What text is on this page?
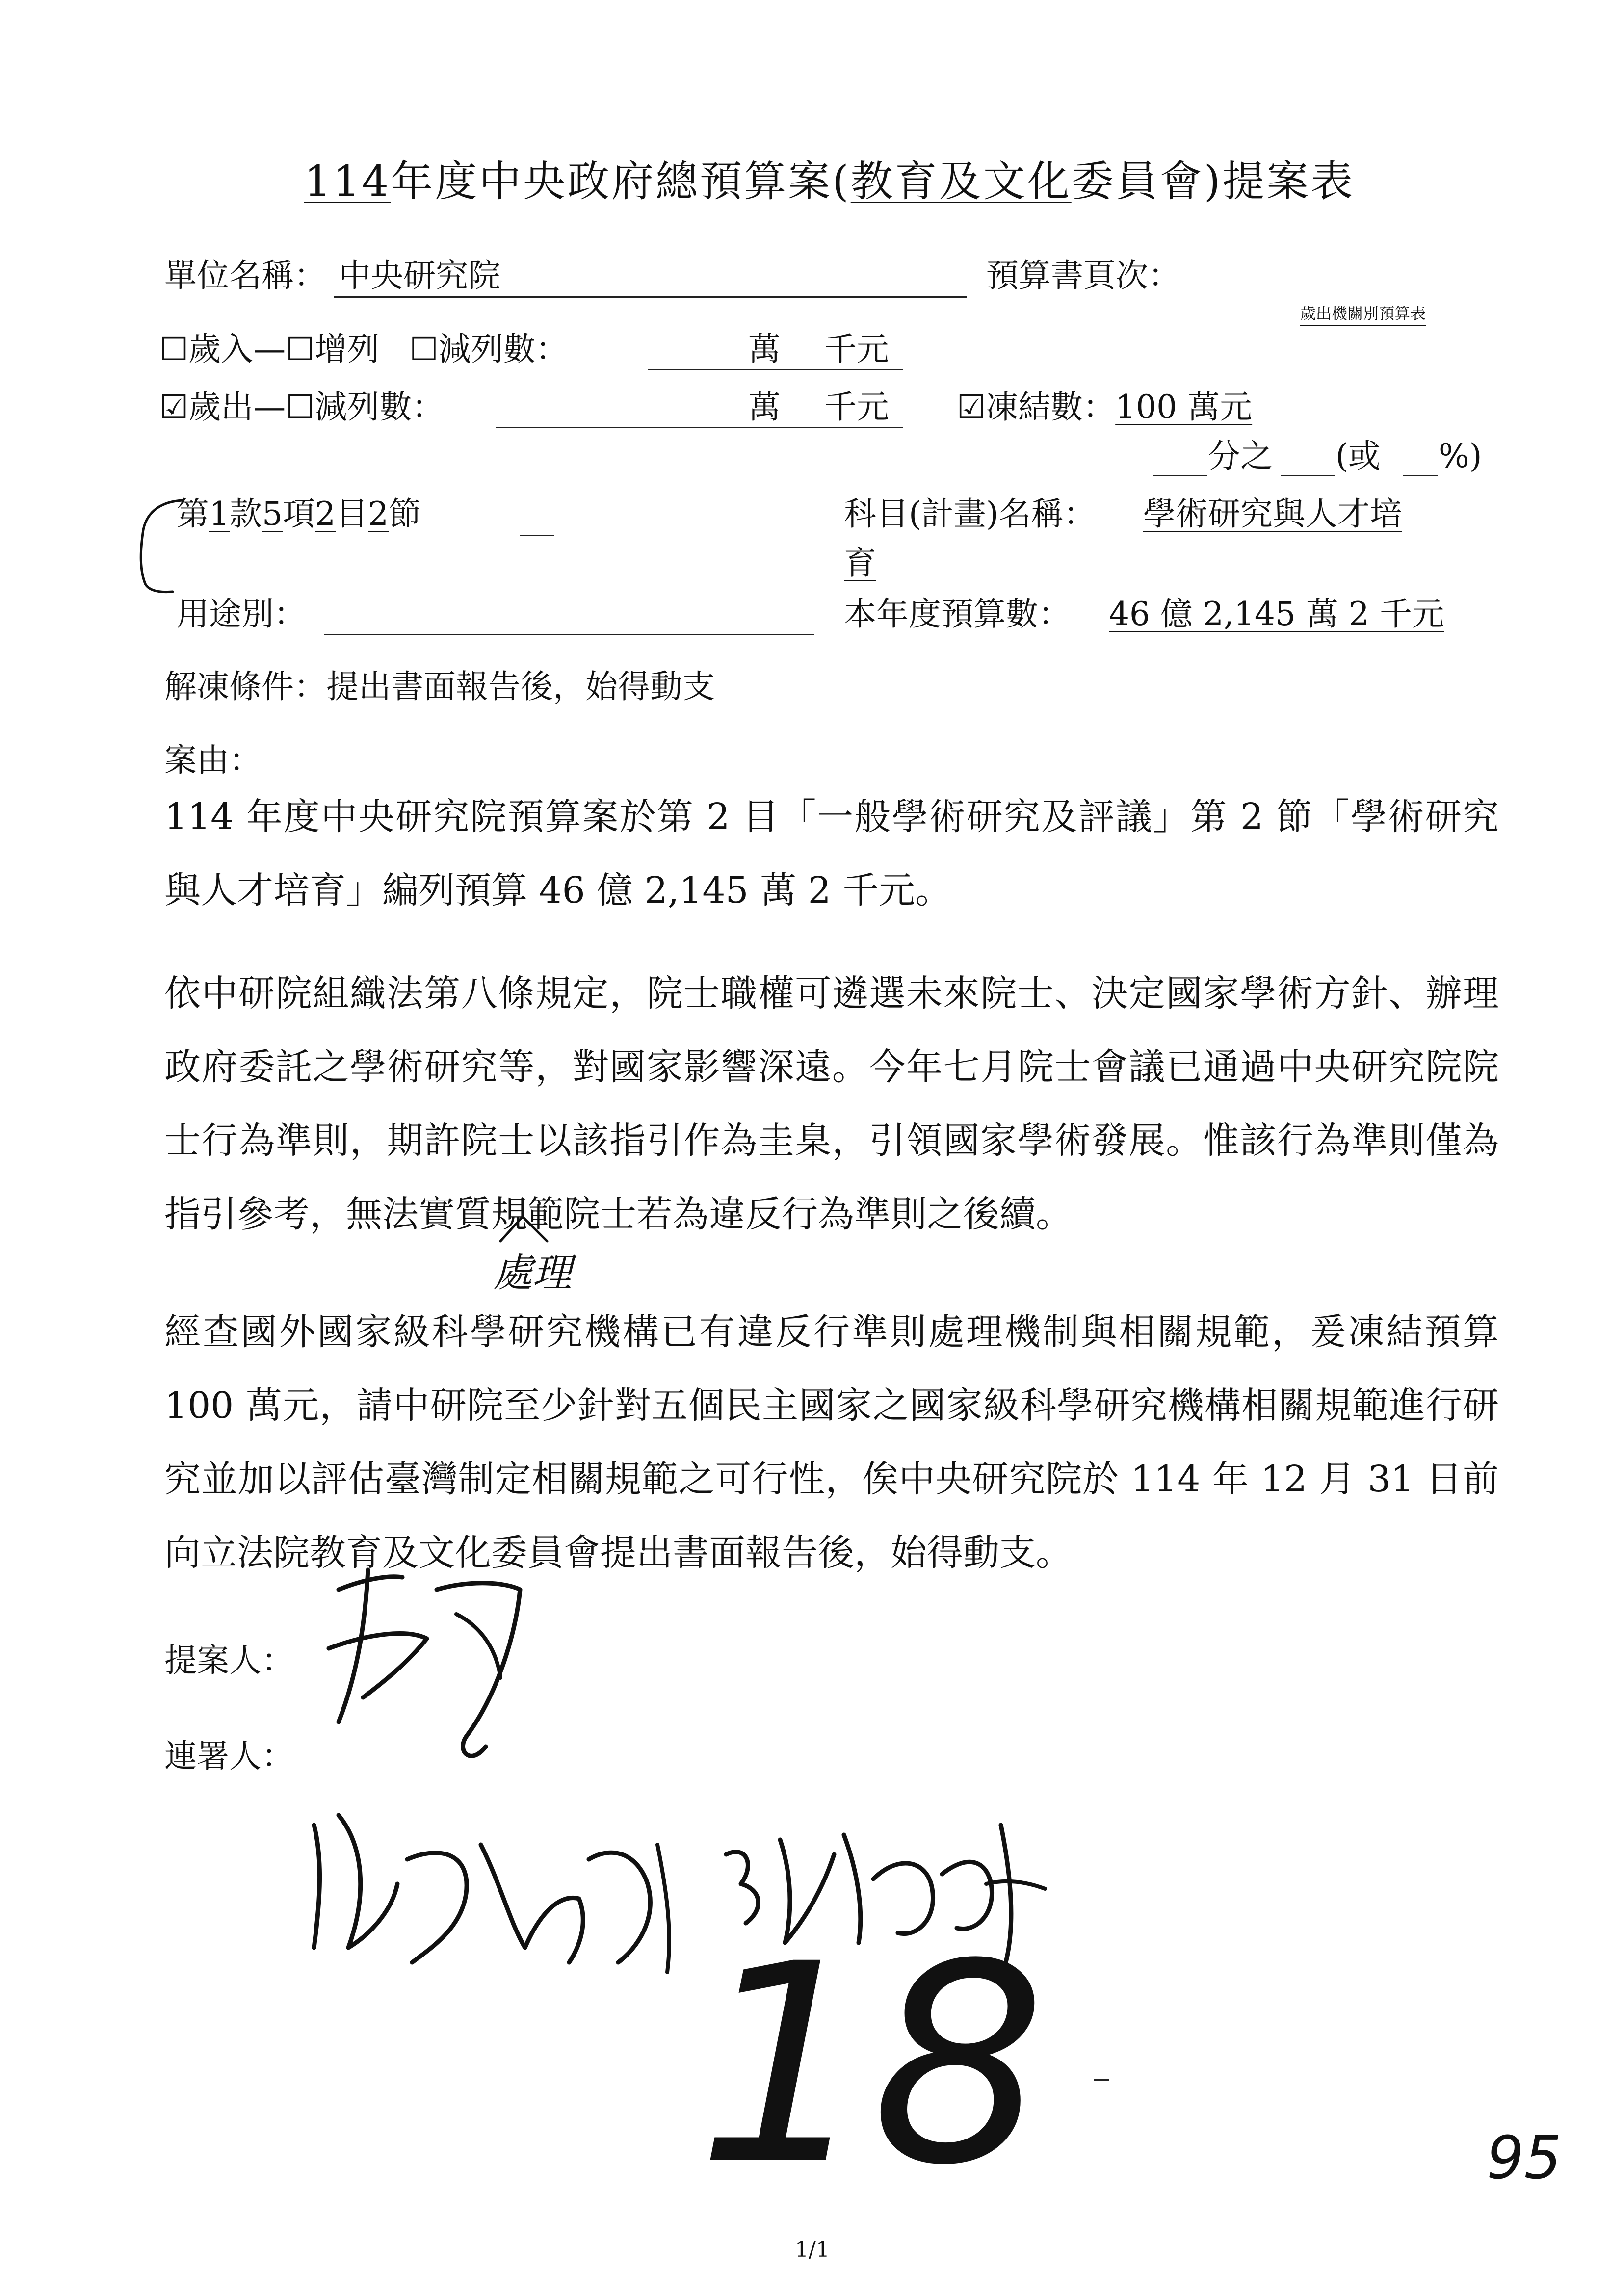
114年度中央政府總預算案(教育及文化委員會)提案表
單位名稱： 中央研究院	預算書頁次：
歲出機關別預算表
☐歲入—☐增列 ☐減列數：	萬 千元
☑歲出—☐減列數：	萬 千元 ☑凍結數：100 萬元
分之 (或 %)
第1款5項2目2節	科目(計畫)名稱： 學術研究與人才培
育
用途別：	本年度預算數： 46 億 2,145 萬 2 千元
解凍條件：提出書面報告後，始得動支
案由：
114 年度中央研究院預算案於第 2 目「一般學術研究及評議」第 2 節「學術研究與人才培育」編列預算 46 億 2,145 萬 2 千元。
依中研院組織法第八條規定，院士職權可遴選未來院士、決定國家學術方針、辦理政府委託之學術研究等，對國家影響深遠。今年七月院士會議已通過中央研究院院士行為準則，期許院士以該指引作為圭臬，引領國家學術發展。惟該行為準則僅為指引參考，無法實質規範院士若為違反行為準則之後續。
處理
經查國外國家級科學研究機構已有違反行準則處理機制與相關規範，爰凍結預算 100 萬元，請中研院至少針對五個民主國家之國家級科學研究機構相關規範進行研究並加以評估臺灣制定相關規範之可行性，俟中央研究院於 114 年 12 月 31 日前向立法院教育及文化委員會提出書面報告後，始得動支。
提案人：
連署人：
18	95
1/1
